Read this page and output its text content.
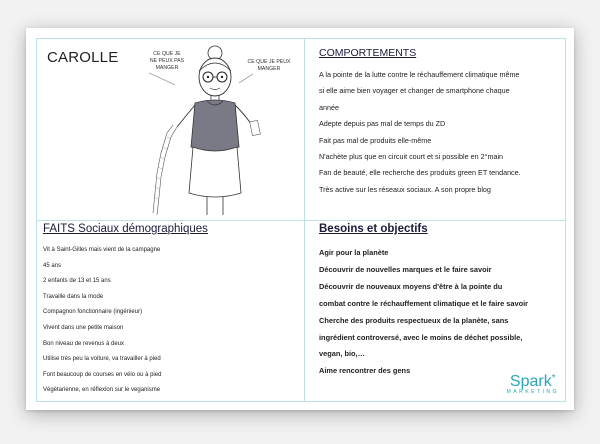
CAROLLE	CE QUE JE
NE PEUX PAS
MANGER
CE QUE JE PEUX
MANGER
COMPORTEMENTS
A la pointe de la lutte contre le réchauffement climatique même
si elle aime bien voyager et changer de smartphone chaque
année
Adepte depuis pas mal de temps du ZD
Fait pas mal de produits elle-même
N'achète plus que en circuit court et si possible en 2°main
Fan de beauté, elle recherche des produits green ET tendance.
Très active sur les réseaux sociaux. A son propre blog
FAITS Sociaux démographiques
Vit à Saint-Gilles mais vient de la campagne
45 ans
2 enfants de 13 et 15 ans
Travaille dans la mode
Compagnon fonctionnaire (ingénieur)
Vivent dans une petite maison
Bon niveau de revenus à deux
Utilise très peu la voiture, va travailler à pied
Font beaucoup de courses en vélo ou à pied
Végétarienne, en réflexion sur le veganisme
Besoins et objectifs
Agir pour la planète
Découvrir de nouvelles marques et le faire savoir
Découvrir de nouveaux moyens d'être à la pointe du
combat contre le réchauffement climatique et le faire savoir
Cherche des produits respectueux de la planète, sans
ingrédient controversé, avec le moins de déchet possible,
vegan, bio,…
Aime rencontrer des gens
Spark*
MARKETING
